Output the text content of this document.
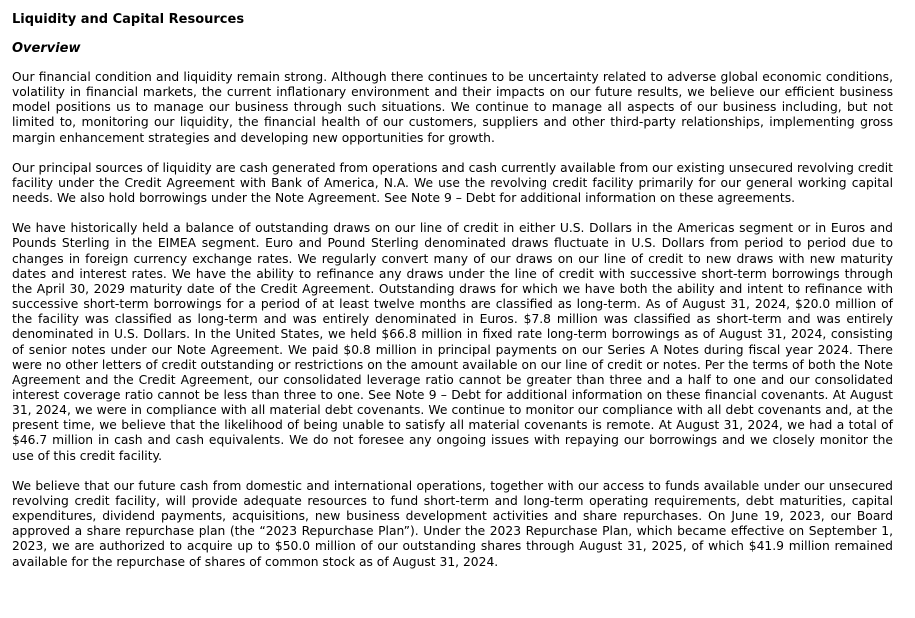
Liquidity and Capital Resources
Overview

Our financial condition and liquidity remain strong. Although there continues to be uncertainty related to adverse global economic conditions, volatility in financial markets, the current inflationary environment and their impacts on our future results, we believe our efficient business model positions us to manage our business through such situations. We continue to manage all aspects of our business including, but not limited to, monitoring our liquidity, the financial health of our customers, suppliers and other third-party relationships, implementing gross margin enhancement strategies and developing new opportunities for growth.

Our principal sources of liquidity are cash generated from operations and cash currently available from our existing unsecured revolving credit facility under the Credit Agreement with Bank of America, N.A. We use the revolving credit facility primarily for our general working capital needs. We also hold borrowings under the Note Agreement. See Note 9 – Debt for additional information on these agreements.

We have historically held a balance of outstanding draws on our line of credit in either U.S. Dollars in the Americas segment or in Euros and Pounds Sterling in the EIMEA segment. Euro and Pound Sterling denominated draws fluctuate in U.S. Dollars from period to period due to changes in foreign currency exchange rates. We regularly convert many of our draws on our line of credit to new draws with new maturity dates and interest rates. We have the ability to refinance any draws under the line of credit with successive short-term borrowings through the April 30, 2029 maturity date of the Credit Agreement. Outstanding draws for which we have both the ability and intent to refinance with successive short-term borrowings for a period of at least twelve months are classified as long-term. As of August 31, 2024, $20.0 million of the facility was classified as long-term and was entirely denominated in Euros. $7.8 million was classified as short-term and was entirely denominated in U.S. Dollars. In the United States, we held $66.8 million in fixed rate long-term borrowings as of August 31, 2024, consisting of senior notes under our Note Agreement. We paid $0.8 million in principal payments on our Series A Notes during fiscal year 2024. There were no other letters of credit outstanding or restrictions on the amount available on our line of credit or notes. Per the terms of both the Note Agreement and the Credit Agreement, our consolidated leverage ratio cannot be greater than three and a half to one and our consolidated interest coverage ratio cannot be less than three to one. See Note 9 – Debt for additional information on these financial covenants. At August 31, 2024, we were in compliance with all material debt covenants. We continue to monitor our compliance with all debt covenants and, at the present time, we believe that the likelihood of being unable to satisfy all material covenants is remote. At August 31, 2024, we had a total of $46.7 million in cash and cash equivalents. We do not foresee any ongoing issues with repaying our borrowings and we closely monitor the use of this credit facility.

We believe that our future cash from domestic and international operations, together with our access to funds available under our unsecured revolving credit facility, will provide adequate resources to fund short-term and long-term operating requirements, debt maturities, capital expenditures, dividend payments, acquisitions, new business development activities and share repurchases. On June 19, 2023, our Board approved a share repurchase plan (the “2023 Repurchase Plan”). Under the 2023 Repurchase Plan, which became effective on September 1, 2023, we are authorized to acquire up to $50.0 million of our outstanding shares through August 31, 2025, of which $41.9 million remained available for the repurchase of shares of common stock as of August 31, 2024.
